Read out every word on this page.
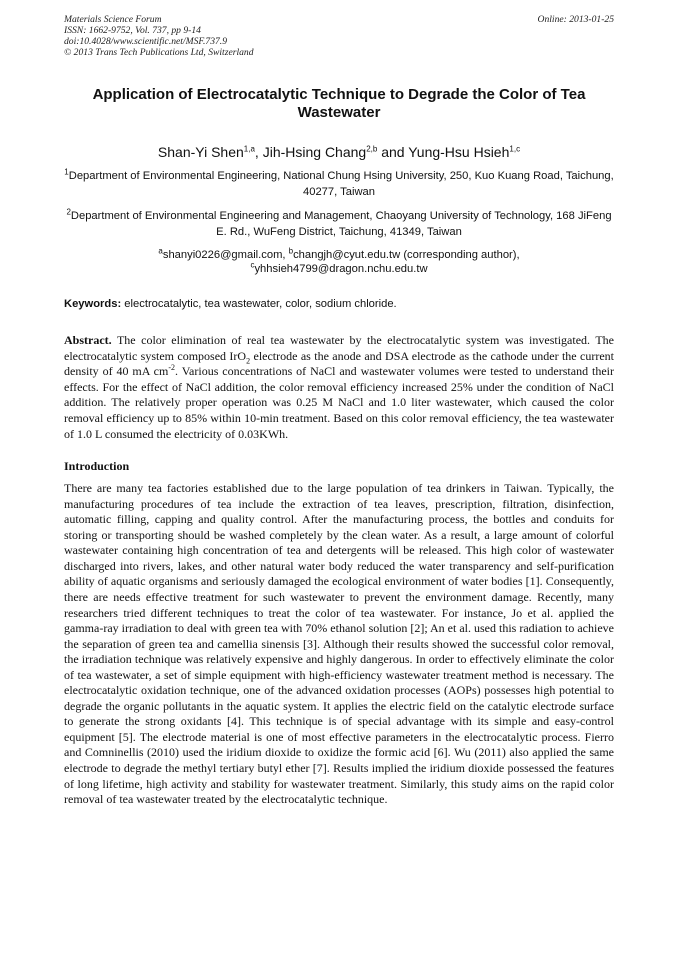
Materials Science Forum
ISSN: 1662-9752, Vol. 737, pp 9-14
doi:10.4028/www.scientific.net/MSF.737.9
© 2013 Trans Tech Publications Ltd, Switzerland
Online: 2013-01-25
Application of Electrocatalytic Technique to Degrade the Color of Tea Wastewater
Shan-Yi Shen$^{1,a}$, Jih-Hsing Chang$^{2,b}$ and Yung-Hsu Hsieh$^{1,c}$
$^1$Department of Environmental Engineering, National Chung Hsing University, 250, Kuo Kuang Road, Taichung, 40277, Taiwan
$^2$Department of Environmental Engineering and Management, Chaoyang University of Technology, 168 JiFeng E. Rd., WuFeng District, Taichung, 41349, Taiwan
$^a$shanyi0226@gmail.com, $^b$changjh@cyut.edu.tw (corresponding author),
$^c$yhhsieh4799@dragon.nchu.edu.tw
Keywords: electrocatalytic, tea wastewater, color, sodium chloride.
Abstract. The color elimination of real tea wastewater by the electrocatalytic system was investigated. The electrocatalytic system composed IrO$_2$ electrode as the anode and DSA electrode as the cathode under the current density of 40 mA $cm^{-2}$. Various concentrations of NaCl and wastewater volumes were tested to understand their effects. For the effect of NaCl addition, the color removal efficiency increased 25% under the condition of NaCl addition. The relatively proper operation was 0.25 M NaCl and 1.0 liter wastewater, which caused the color removal efficiency up to 85% within 10-min treatment. Based on this color removal efficiency, the tea wastewater of 1.0 L consumed the electricity of 0.03KWh.
Introduction
There are many tea factories established due to the large population of tea drinkers in Taiwan. Typically, the manufacturing procedures of tea include the extraction of tea leaves, prescription, filtration, disinfection, automatic filling, capping and quality control. After the manufacturing process, the bottles and conduits for storing or transporting should be washed completely by the clean water. As a result, a large amount of colorful wastewater containing high concentration of tea and detergents will be released. This high color of wastewater discharged into rivers, lakes, and other natural water body reduced the water transparency and self-purification ability of aquatic organisms and seriously damaged the ecological environment of water bodies [1]. Consequently, there are needs effective treatment for such wastewater to prevent the environment damage. Recently, many researchers tried different techniques to treat the color of tea wastewater. For instance, Jo et al. applied the gamma-ray irradiation to deal with green tea with 70% ethanol solution [2]; An et al. used this radiation to achieve the separation of green tea and camellia sinensis [3]. Although their results showed the successful color removal, the irradiation technique was relatively expensive and highly dangerous. In order to effectively eliminate the color of tea wastewater, a set of simple equipment with high-efficiency wastewater treatment method is necessary. The electrocatalytic oxidation technique, one of the advanced oxidation processes (AOPs) possesses high potential to degrade the organic pollutants in the aquatic system. It applies the electric field on the catalytic electrode surface to generate the strong oxidants [4]. This technique is of special advantage with its simple and easy-control equipment [5]. The electrode material is one of most effective parameters in the electrocatalytic process. Fierro and Comninellis (2010) used the iridium dioxide to oxidize the formic acid [6]. Wu (2011) also applied the same electrode to degrade the methyl tertiary butyl ether [7]. Results implied the iridium dioxide possessed the features of long lifetime, high activity and stability for wastewater treatment. Similarly, this study aims on the rapid color removal of tea wastewater treated by the electrocatalytic technique.
